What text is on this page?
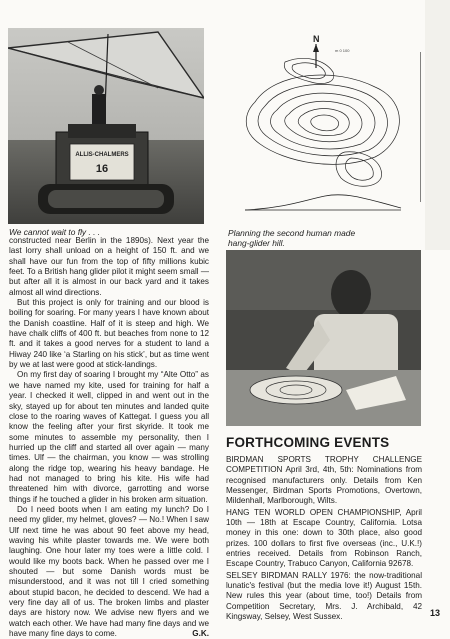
ALLIS-CHALMERS
16
We cannot wait to fly . . .
N
m 0 100
Planning the second human made
hang-glider hill.

constructed near Berlin in the 1890s). Next year the last lorry shall unload on a height of 150 ft. and we shall have our fun from the top of fifty millions kubic feet. To a British hang glider pilot it might seem small — but after all it is almost in our back yard and it takes almost all wind directions.

But this project is only for training and our blood is boiling for soaring. For many years I have known about the Danish coastline. Half of it is steep and high. We have chalk cliffs of 400 ft. but beaches from none to 12 ft. and it takes a good nerves for a student to land a Hiway 240 like ‘a Starling on his stick’, but as time went by we at last were good at stick-landings.

On my first day of soaring I brought my “Alte Otto” as we have named my kite, used for training for half a year. I checked it well, clipped in and went out in the sky, stayed up for about ten minutes and landed quite close to the roaring waves of Kattegat. I guess you all know the feeling after your first skyride. It took me some minutes to assemble my personality, then I hurried up the cliff and started all over again — many times. Ulf — the chairman, you know — was strolling along the ridge top, wearing his heavy bandage. He had not managed to bring his kite. His wife had threatened him with divorce, garrotting and worse things if he touched a glider in his broken arm situation.

Do I need boots when I am eating my lunch? Do I need my glider, my helmet, gloves? — No.! When I saw Ulf next time he was about 90 feet above my head, waving his white plaster towards me. We were both laughing. One hour later my toes were a little cold. I would like my boots back. When he passed over me I shouted — but some Danish words must be misunderstood, and it was not till I cried something about stupid bacon, he decided to descend. We had a very fine day all of us. The broken limbs and plaster days are history now. We advise new flyers and we watch each other. We have had many fine days and we have many fine days to come.	G.K.

FORTHCOMING EVENTS

BIRDMAN SPORTS TROPHY CHALLENGE COMPETITION April 3rd, 4th, 5th: Nominations from recognised manufacturers only. Details from Ken Messenger, Birdman Sports Promotions, Overtown, Mildenhall, Marlborough, Wilts.

HANG TEN WORLD OPEN CHAMPIONSHIP, April 10th — 18th at Escape Country, California. Lotsa money in this one: down to 30th place, also good prizes. 100 dollars to first five overseas (inc., U.K.!) entries received. Details from Robinson Ranch, Escape Country, Trabuco Canyon, California 92678.

SELSEY BIRDMAN RALLY 1976: the now-traditional lunatic's festival (but the media love it!) August 15th. New rules this year (about time, too!) Details from Competition Secretary, Mrs. J. Archibald, 42 Kingsway, Selsey, West Sussex.	13
